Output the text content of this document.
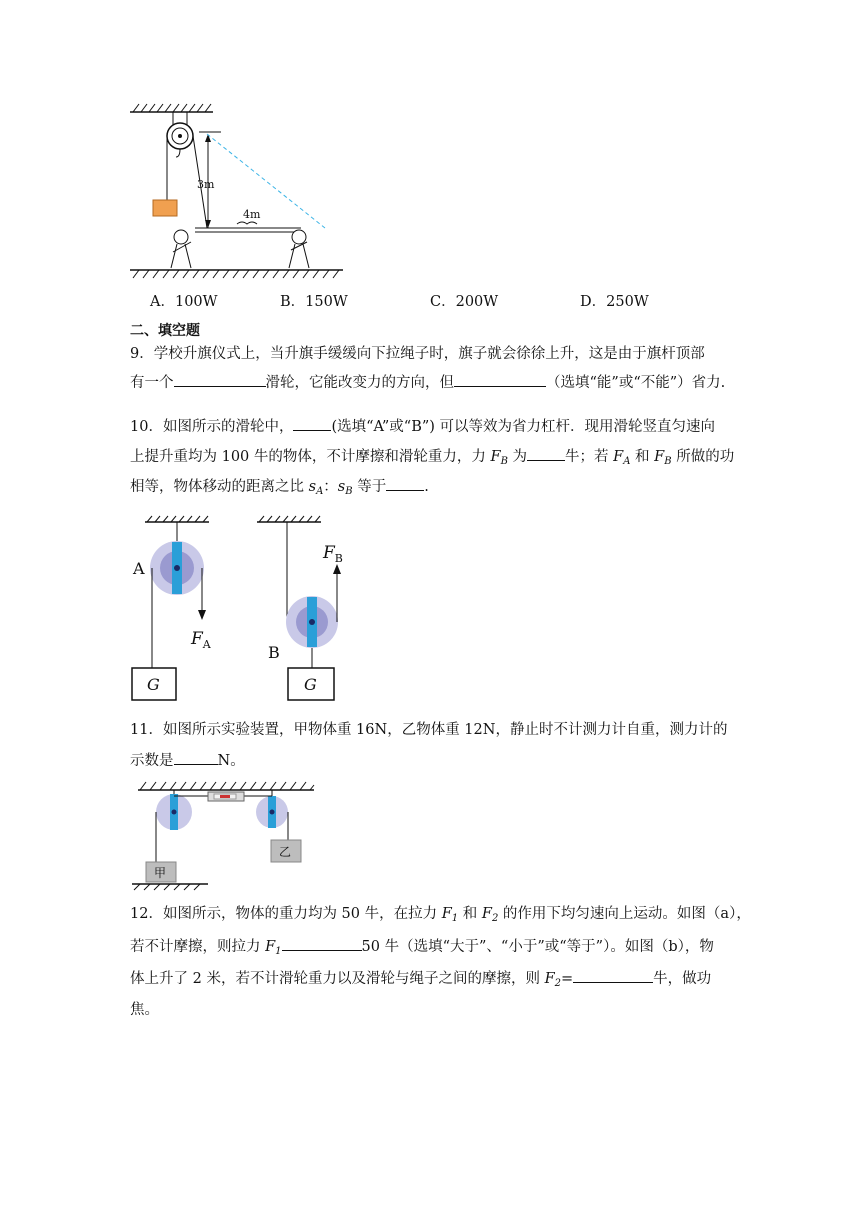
3m
4m
A．100W	B．150W	C．200W	D．250W
二、填空题
9．学校升旗仪式上，当升旗手缓缓向下拉绳子时，旗子就会徐徐上升，这是由于旗杆顶部
有一个	滑轮，它能改变力的方向，但	（选填“能”或“不能”）省力.
10．如图所示的滑轮中，	(选填“A”或“B”) 可以等效为省力杠杆．现用滑轮竖直匀速向
上提升重均为 100 牛的物体，不计摩擦和滑轮重力，力 $F_B$ 为	牛；若 $F_A$ 和 $F_B$ 所做的功
相等，物体移动的距离之比 $s_A$：$s_B$ 等于	.
A
$F_A$
G
B
$F_B$
G
11．如图所示实验装置，甲物体重 16N，乙物体重 12N，静止时不计测力计自重，测力计的
示数是	N。
甲
乙
12．如图所示，物体的重力均为 50 牛，在拉力 $F_1$ 和 $F_2$ 的作用下均匀速向上运动。如图（a），
若不计摩擦，则拉力 $F_1$	50 牛（选填“大于”、“小于”或“等于”）。如图（b），物
体上升了 2 米，若不计滑轮重力以及滑轮与绳子之间的摩擦，则 $F_2=$	牛，做功
焦。
